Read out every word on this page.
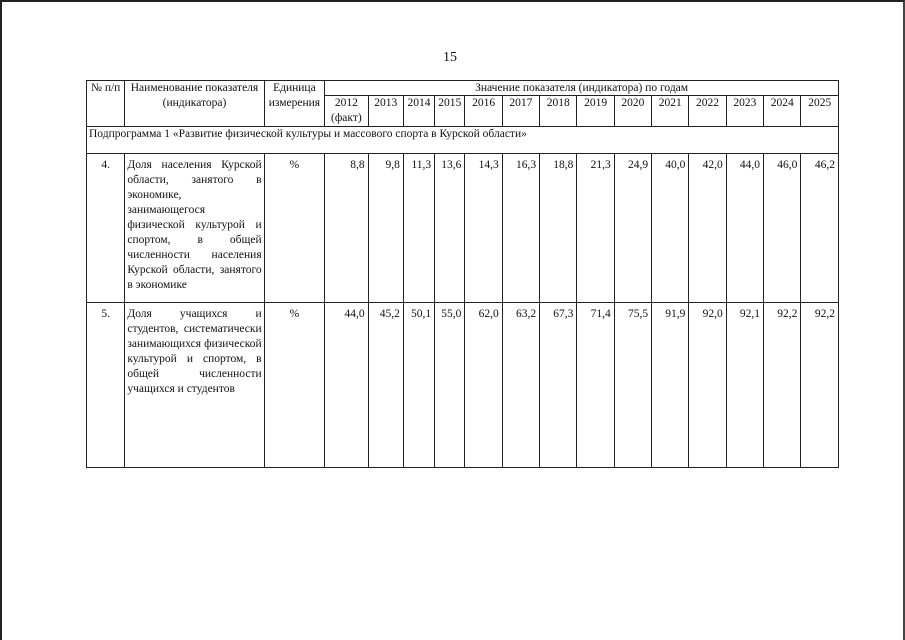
15
№ п/п	Наименование показателя (индикатора)	Единица измерения	Значение показателя (индикатора) по годам													
			2012 (факт)	2013	2014	2015	2016	2017	2018	2019	2020	2021	2022	2023	2024	2025
Подпрограмма 1 «Развитие физической культуры и массового спорта в Курской области»																
4.	Доля населения Курской области, занятого в экономике, занимающегося физической культурой и спортом, в общей численности населения Курской области, занятого в экономике	%	8,8	9,8	11,3	13,6	14,3	16,3	18,8	21,3	24,9	40,0	42,0	44,0	46,0	46,2
5.	Доля учащихся и студентов, систематически занимающихся физической культурой и спортом, в общей численности учащихся и студентов	%	44,0	45,2	50,1	55,0	62,0	63,2	67,3	71,4	75,5	91,9	92,0	92,1	92,2	92,2
